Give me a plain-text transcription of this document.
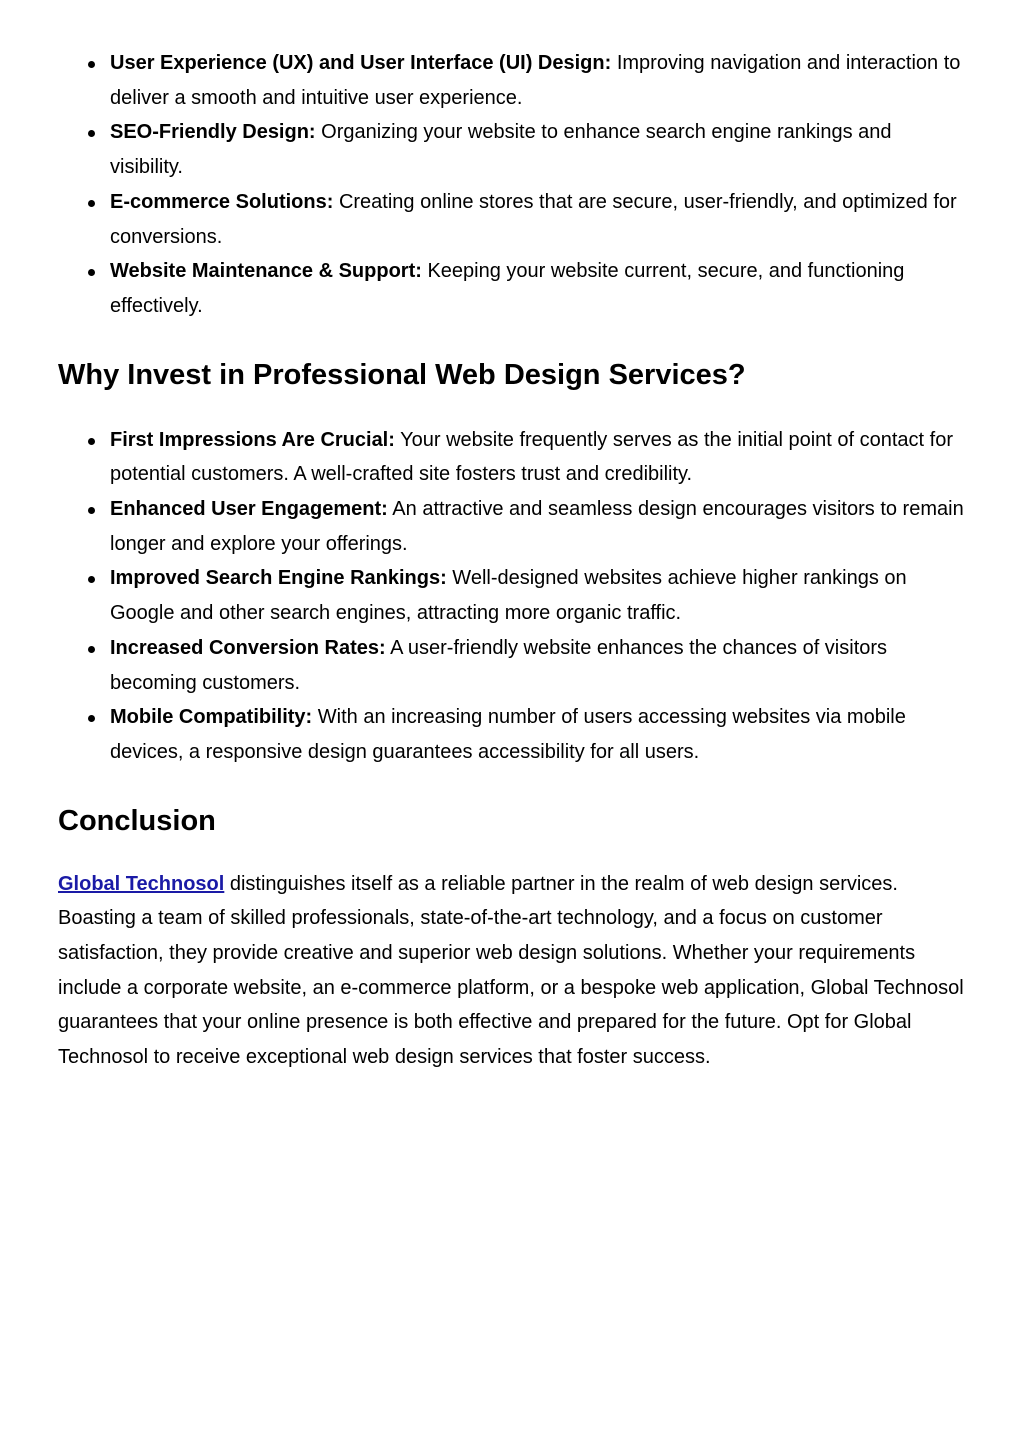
User Experience (UX) and User Interface (UI) Design: Improving navigation and interaction to deliver a smooth and intuitive user experience.
SEO-Friendly Design: Organizing your website to enhance search engine rankings and visibility.
E-commerce Solutions: Creating online stores that are secure, user-friendly, and optimized for conversions.
Website Maintenance & Support: Keeping your website current, secure, and functioning effectively.
Why Invest in Professional Web Design Services?
First Impressions Are Crucial: Your website frequently serves as the initial point of contact for potential customers. A well-crafted site fosters trust and credibility.
Enhanced User Engagement: An attractive and seamless design encourages visitors to remain longer and explore your offerings.
Improved Search Engine Rankings: Well-designed websites achieve higher rankings on Google and other search engines, attracting more organic traffic.
Increased Conversion Rates: A user-friendly website enhances the chances of visitors becoming customers.
Mobile Compatibility: With an increasing number of users accessing websites via mobile devices, a responsive design guarantees accessibility for all users.
Conclusion

Global Technosol distinguishes itself as a reliable partner in the realm of web design services. Boasting a team of skilled professionals, state-of-the-art technology, and a focus on customer satisfaction, they provide creative and superior web design solutions. Whether your requirements include a corporate website, an e-commerce platform, or a bespoke web application, Global Technosol guarantees that your online presence is both effective and prepared for the future. Opt for Global Technosol to receive exceptional web design services that foster success.
